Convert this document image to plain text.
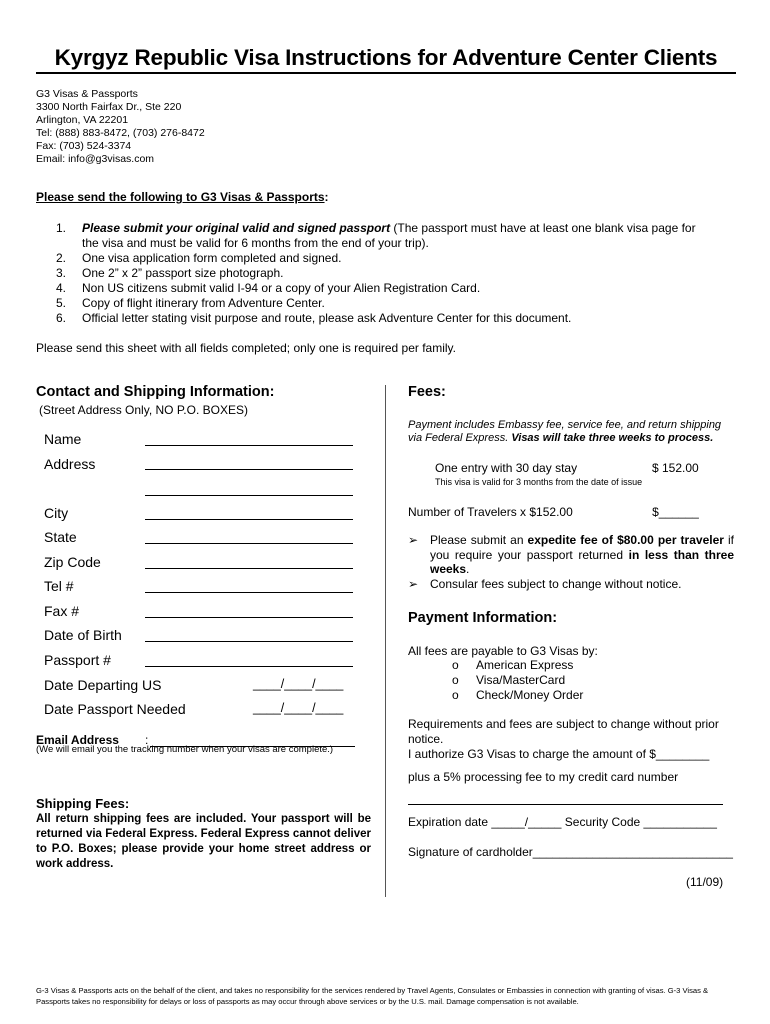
Kyrgyz Republic Visa Instructions for Adventure Center Clients
G3 Visas & Passports
3300 North Fairfax Dr., Ste 220
Arlington, VA 22201
Tel: (888) 883-8472, (703) 276-8472
Fax: (703) 524-3374
Email: info@g3visas.com
Please send the following to G3 Visas & Passports:
1.	Please submit your original valid and signed passport (The passport must have at least one blank visa page for
the visa and must be valid for 6 months from the end of your trip).
2.	One visa application form completed and signed.
3.	One 2” x 2” passport size photograph.
4.	Non US citizens submit valid I-94 or a copy of your Alien Registration Card.
5.	Copy of flight itinerary from Adventure Center.
6.	Official letter stating visit purpose and route, please ask Adventure Center for this document.
Please send this sheet with all fields completed; only one is required per family.
Contact and Shipping Information:
(Street Address Only, NO P.O. BOXES)
Name
Address
City
State
Zip Code
Tel #
Fax #
Date of Birth
Passport #
Date Departing US	____/____/____
Date Passport Needed	____/____/____
Email Address :
(We will email you the tracking number when your visas are complete.)
Shipping Fees:
All return shipping fees are included. Your passport will be returned via Federal Express. Federal Express cannot deliver to P.O. Boxes; please provide your home street address or work address.
Fees:
Payment includes Embassy fee, service fee, and return shipping via Federal Express. Visas will take three weeks to process.
One entry with 30 day stay	$ 152.00
This visa is valid for 3 months from the date of issue
Number of Travelers x $152.00	$______
➢ Please submit an expedite fee of $80.00 per traveler if you require your passport returned in less than three weeks.
➢ Consular fees subject to change without notice.
Payment Information:
All fees are payable to G3 Visas by:
o	American Express
o	Visa/MasterCard
o	Check/Money Order
Requirements and fees are subject to change without prior notice.
I authorize G3 Visas to charge the amount of $________
plus a 5% processing fee to my credit card number
Expiration date _____/_____ Security Code ___________
Signature of cardholder______________________________
(11/09)
G-3 Visas & Passports acts on the behalf of the client, and takes no responsibility for the services rendered by Travel Agents, Consulates or Embassies in connection with granting of visas. G-3 Visas & Passports takes no responsibility for delays or loss of passports as may occur through above services or by the U.S. mail. Damage compensation is not available.
